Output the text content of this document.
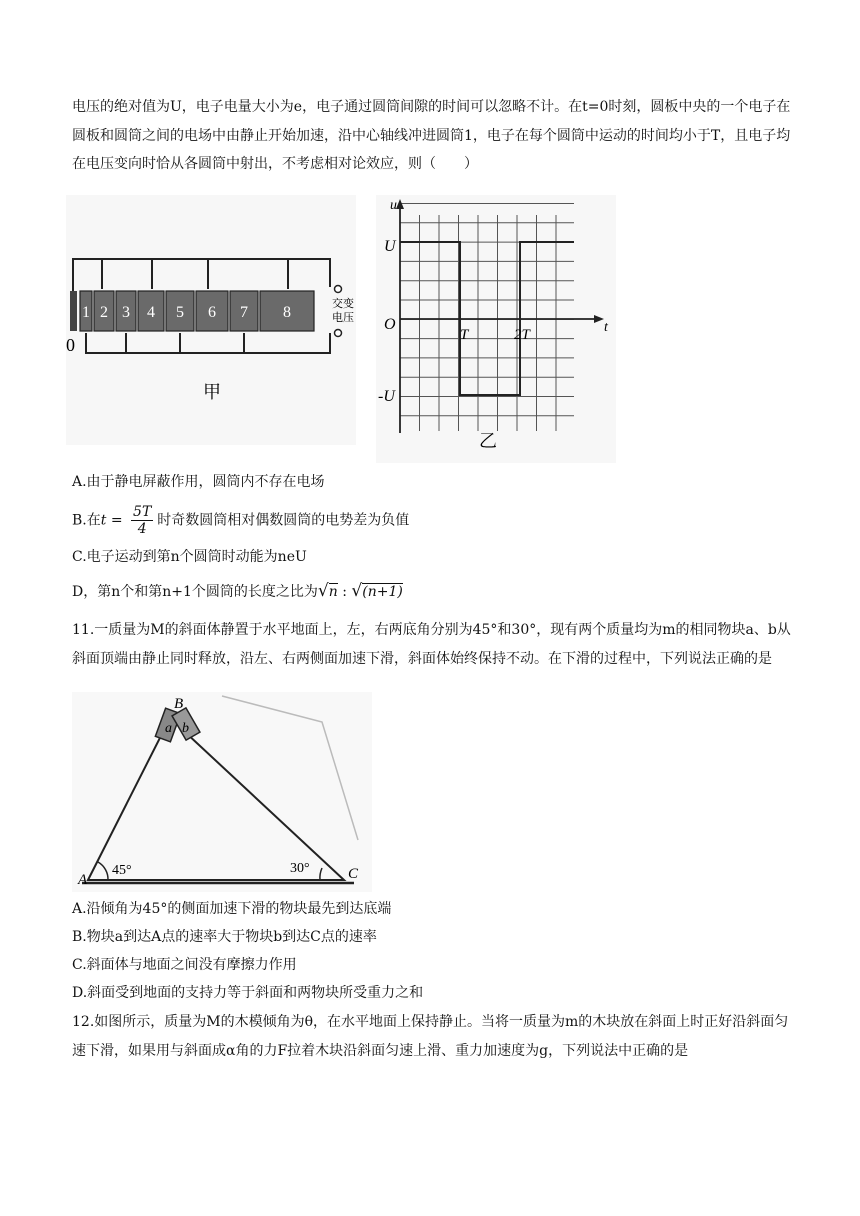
电压的绝对值为U，电子电量大小为e，电子通过圆筒间隙的时间可以忽略不计。在t=0时刻，圆板中央的一个电子在圆板和圆筒之间的电场中由静止开始加速，沿中心轴线冲进圆筒1，电子在每个圆筒中运动的时间均小于T，且电子均在电压变向时恰从各圆筒中射出，不考虑相对论效应，则（　　）

1 2 3 4 5 6 7 8	交变
电压
0
甲
u
t
U
O
-U
T	2T
乙
A.由于静电屏蔽作用，圆筒内不存在电场
B.在$t = \frac{5T}{4}$ 时奇数圆筒相对偶数圆筒的电势差为负值
C.电子运动到第n个圆筒时动能为neU
D，第n个和第n+1个圆筒的长度之比为√n : √(n+1)

11.一质量为M的斜面体静置于水平地面上，左，右两底角分别为45°和30°，现有两个质量均为m的相同物块a、b从斜面顶端由静止同时释放，沿左、右两侧面加速下滑，斜面体始终保持不动。在下滑的过程中，下列说法正确的是

A
B
C
a b
45°	30°
A.沿倾角为45°的侧面加速下滑的物块最先到达底端
B.物块a到达A点的速率大于物块b到达C点的速率
C.斜面体与地面之间没有摩擦力作用
D.斜面受到地面的支持力等于斜面和两物块所受重力之和

12.如图所示，质量为M的木模倾角为θ，在水平地面上保持静止。当将一质量为m的木块放在斜面上时正好沿斜面匀速下滑，如果用与斜面成α角的力F拉着木块沿斜面匀速上滑、重力加速度为g，下列说法中正确的是
